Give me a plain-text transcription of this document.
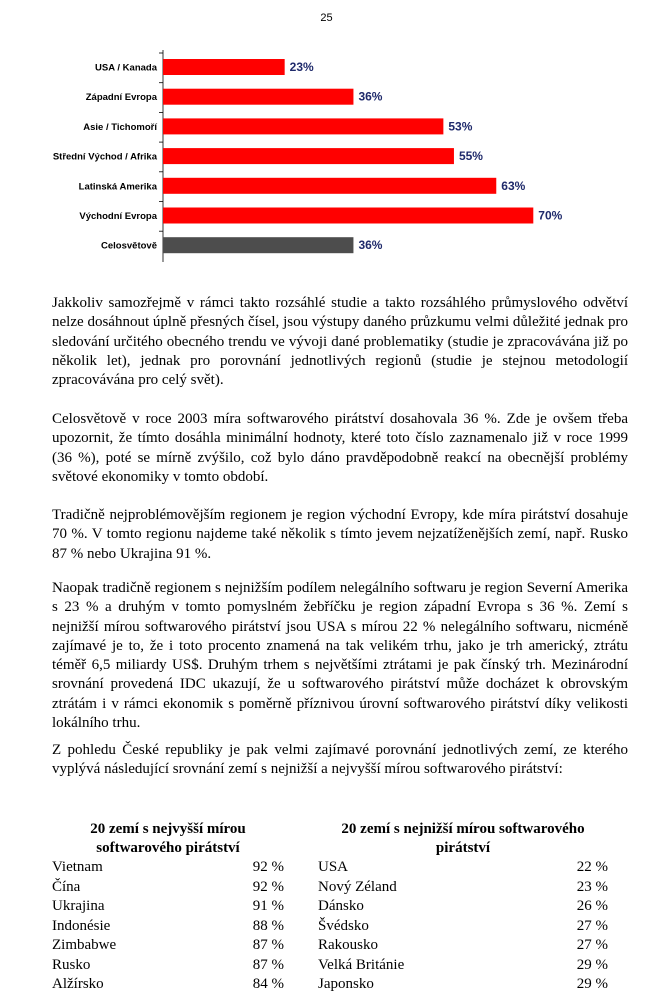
25
USA / Kanada	23%
Západní Evropa	36%
Asie / Tichomoří	53%
Střední Východ / Afrika	55%
Latinská Amerika	63%
Východní Evropa	70%
Celosvětově	36%

Jakkoliv samozřejmě v rámci takto rozsáhlé studie a takto rozsáhlého průmyslového odvětví nelze dosáhnout úplně přesných čísel, jsou výstupy daného průzkumu velmi důležité jednak pro sledování určitého obecného trendu ve vývoji dané problematiky (studie je zpracovávána již po několik let), jednak pro porovnání jednotlivých regionů (studie je stejnou metodologií zpracovávána pro celý svět).

Celosvětově v roce 2003 míra softwarového pirátství dosahovala 36 %. Zde je ovšem třeba upozornit, že tímto dosáhla minimální hodnoty, které toto číslo zaznamenalo již v roce 1999 (36 %), poté se mírně zvýšilo, což bylo dáno pravděpodobně reakcí na obecnější problémy světové ekonomiky v tomto období.

Tradičně nejproblémovějším regionem je region východní Evropy, kde míra pirátství dosahuje 70 %. V tomto regionu najdeme také několik s tímto jevem nejzatíženějších zemí, např. Rusko 87 % nebo Ukrajina 91 %.

Naopak tradičně regionem s nejnižším podílem nelegálního softwaru je region Severní Amerika s 23 % a druhým v tomto pomyslném žebříčku je region západní Evropa s 36 %. Zemí s nejnižší mírou softwarového pirátství jsou USA s mírou 22 % nelegálního softwaru, nicméně zajímavé je to, že i toto procento znamená na tak velikém trhu, jako je trh americký, ztrátu téměř 6,5 miliardy US$. Druhým trhem s největšími ztrátami je pak čínský trh. Mezinárodní srovnání provedená IDC ukazují, že u softwarového pirátství může docházet k obrovským ztrátám i v rámci ekonomik s poměrně příznivou úrovní softwarového pirátství díky velikosti lokálního trhu.

Z pohledu České republiky je pak velmi zajímavé porovnání jednotlivých zemí, ze kterého vyplývá následující srovnání zemí s nejnižší a nejvyšší mírou softwarového pirátství:

20 zemí s nejvyšší mírou softwarového pirátství
Vietnam	92 %
Čína	92 %
Ukrajina	91 %
Indonésie	88 %
Zimbabwe	87 %
Rusko	87 %
Alžírsko	84 %
20 zemí s nejnižší mírou softwarového pirátství
USA	22 %
Nový Zéland	23 %
Dánsko	26 %
Švédsko	27 %
Rakousko	27 %
Velká Británie	29 %
Japonsko	29 %
